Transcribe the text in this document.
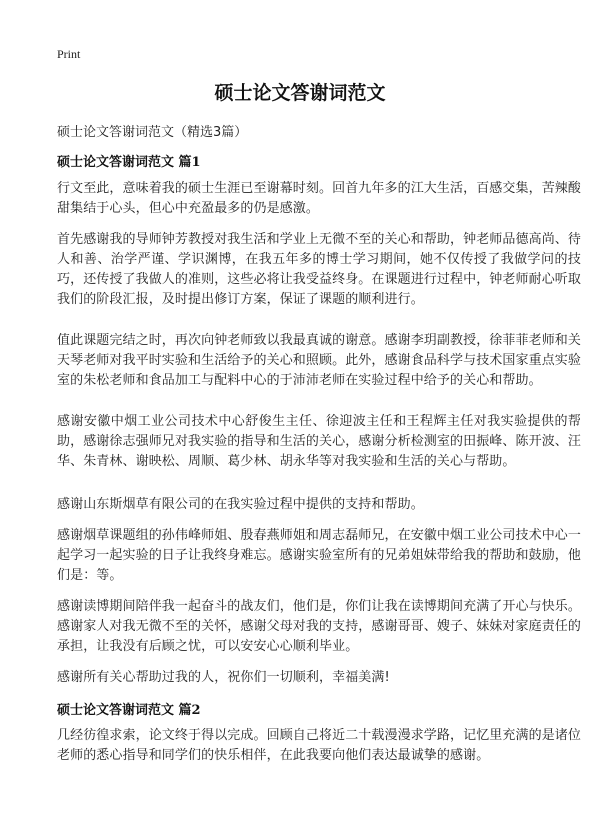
Print
硕士论文答谢词范文

硕士论文答谢词范文（精选3篇）

硕士论文答谢词范文 篇1

行文至此，意味着我的硕士生涯已至谢幕时刻。回首九年多的江大生活，百感交集，苦辣酸甜集结于心头，但心中充盈最多的仍是感激。

首先感谢我的导师钟芳教授对我生活和学业上无微不至的关心和帮助，钟老师品德高尚、待人和善、治学严谨、学识渊博，在我五年多的博士学习期间，她不仅传授了我做学问的技巧，还传授了我做人的准则，这些必将让我受益终身。在课题进行过程中，钟老师耐心听取我们的阶段汇报，及时提出修订方案，保证了课题的顺利进行。

值此课题完结之时，再次向钟老师致以我最真诚的谢意。感谢李玥副教授，徐菲菲老师和关天琴老师对我平时实验和生活给予的关心和照顾。此外，感谢食品科学与技术国家重点实验室的朱松老师和食品加工与配料中心的于沛沛老师在实验过程中给予的关心和帮助。

感谢安徽中烟工业公司技术中心舒俊生主任、徐迎波主任和王程辉主任对我实验提供的帮助，感谢徐志强师兄对我实验的指导和生活的关心，感谢分析检测室的田振峰、陈开波、汪华、朱青林、谢映松、周顺、葛少林、胡永华等对我实验和生活的关心与帮助。

感谢山东斯烟草有限公司的在我实验过程中提供的支持和帮助。

感谢烟草课题组的孙伟峰师姐、殷春燕师姐和周志磊师兄，在安徽中烟工业公司技术中心一起学习一起实验的日子让我终身难忘。感谢实验室所有的兄弟姐妹带给我的帮助和鼓励，他们是：等。

感谢读博期间陪伴我一起奋斗的战友们，他们是，你们让我在读博期间充满了开心与快乐。感谢家人对我无微不至的关怀，感谢父母对我的支持，感谢哥哥、嫂子、妹妹对家庭责任的承担，让我没有后顾之忧，可以安安心心顺利毕业。

感谢所有关心帮助过我的人，祝你们一切顺利，幸福美满!

硕士论文答谢词范文 篇2

几经彷徨求索，论文终于得以完成。回顾自己将近二十载漫漫求学路，记忆里充满的是诸位老师的悉心指导和同学们的快乐相伴，在此我要向他们表达最诚挚的感谢。
